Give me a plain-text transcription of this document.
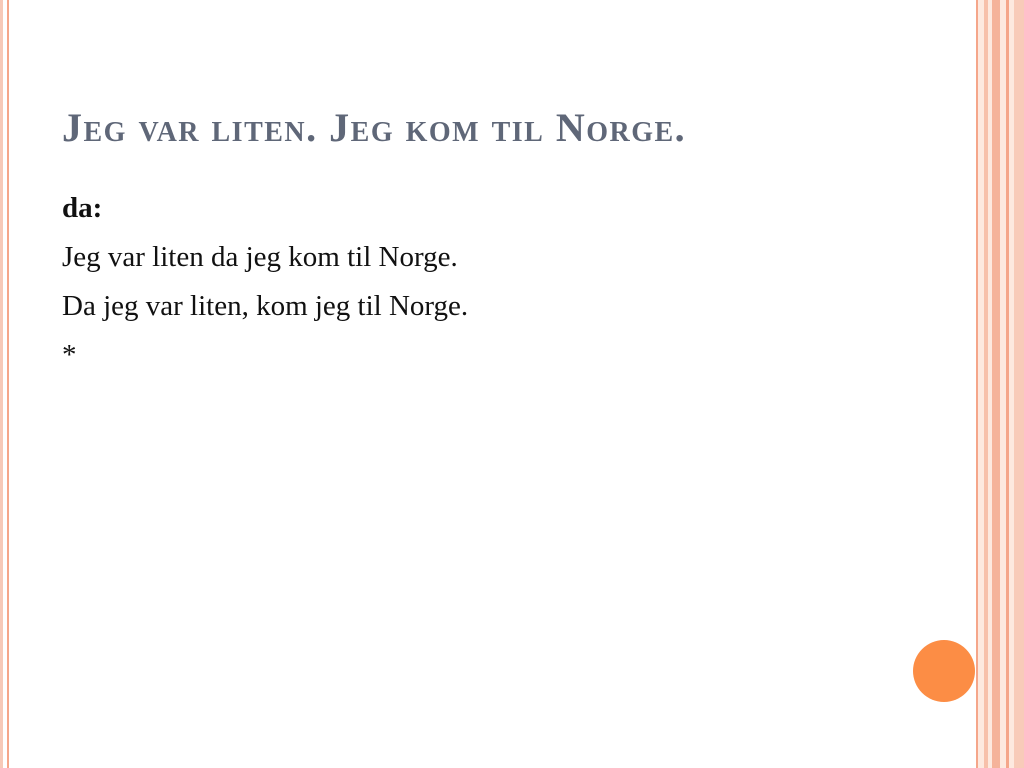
Jeg var liten. Jeg kom til Norge.
da:
Jeg var liten da jeg kom til Norge.
Da jeg var liten, kom jeg til Norge.
*
